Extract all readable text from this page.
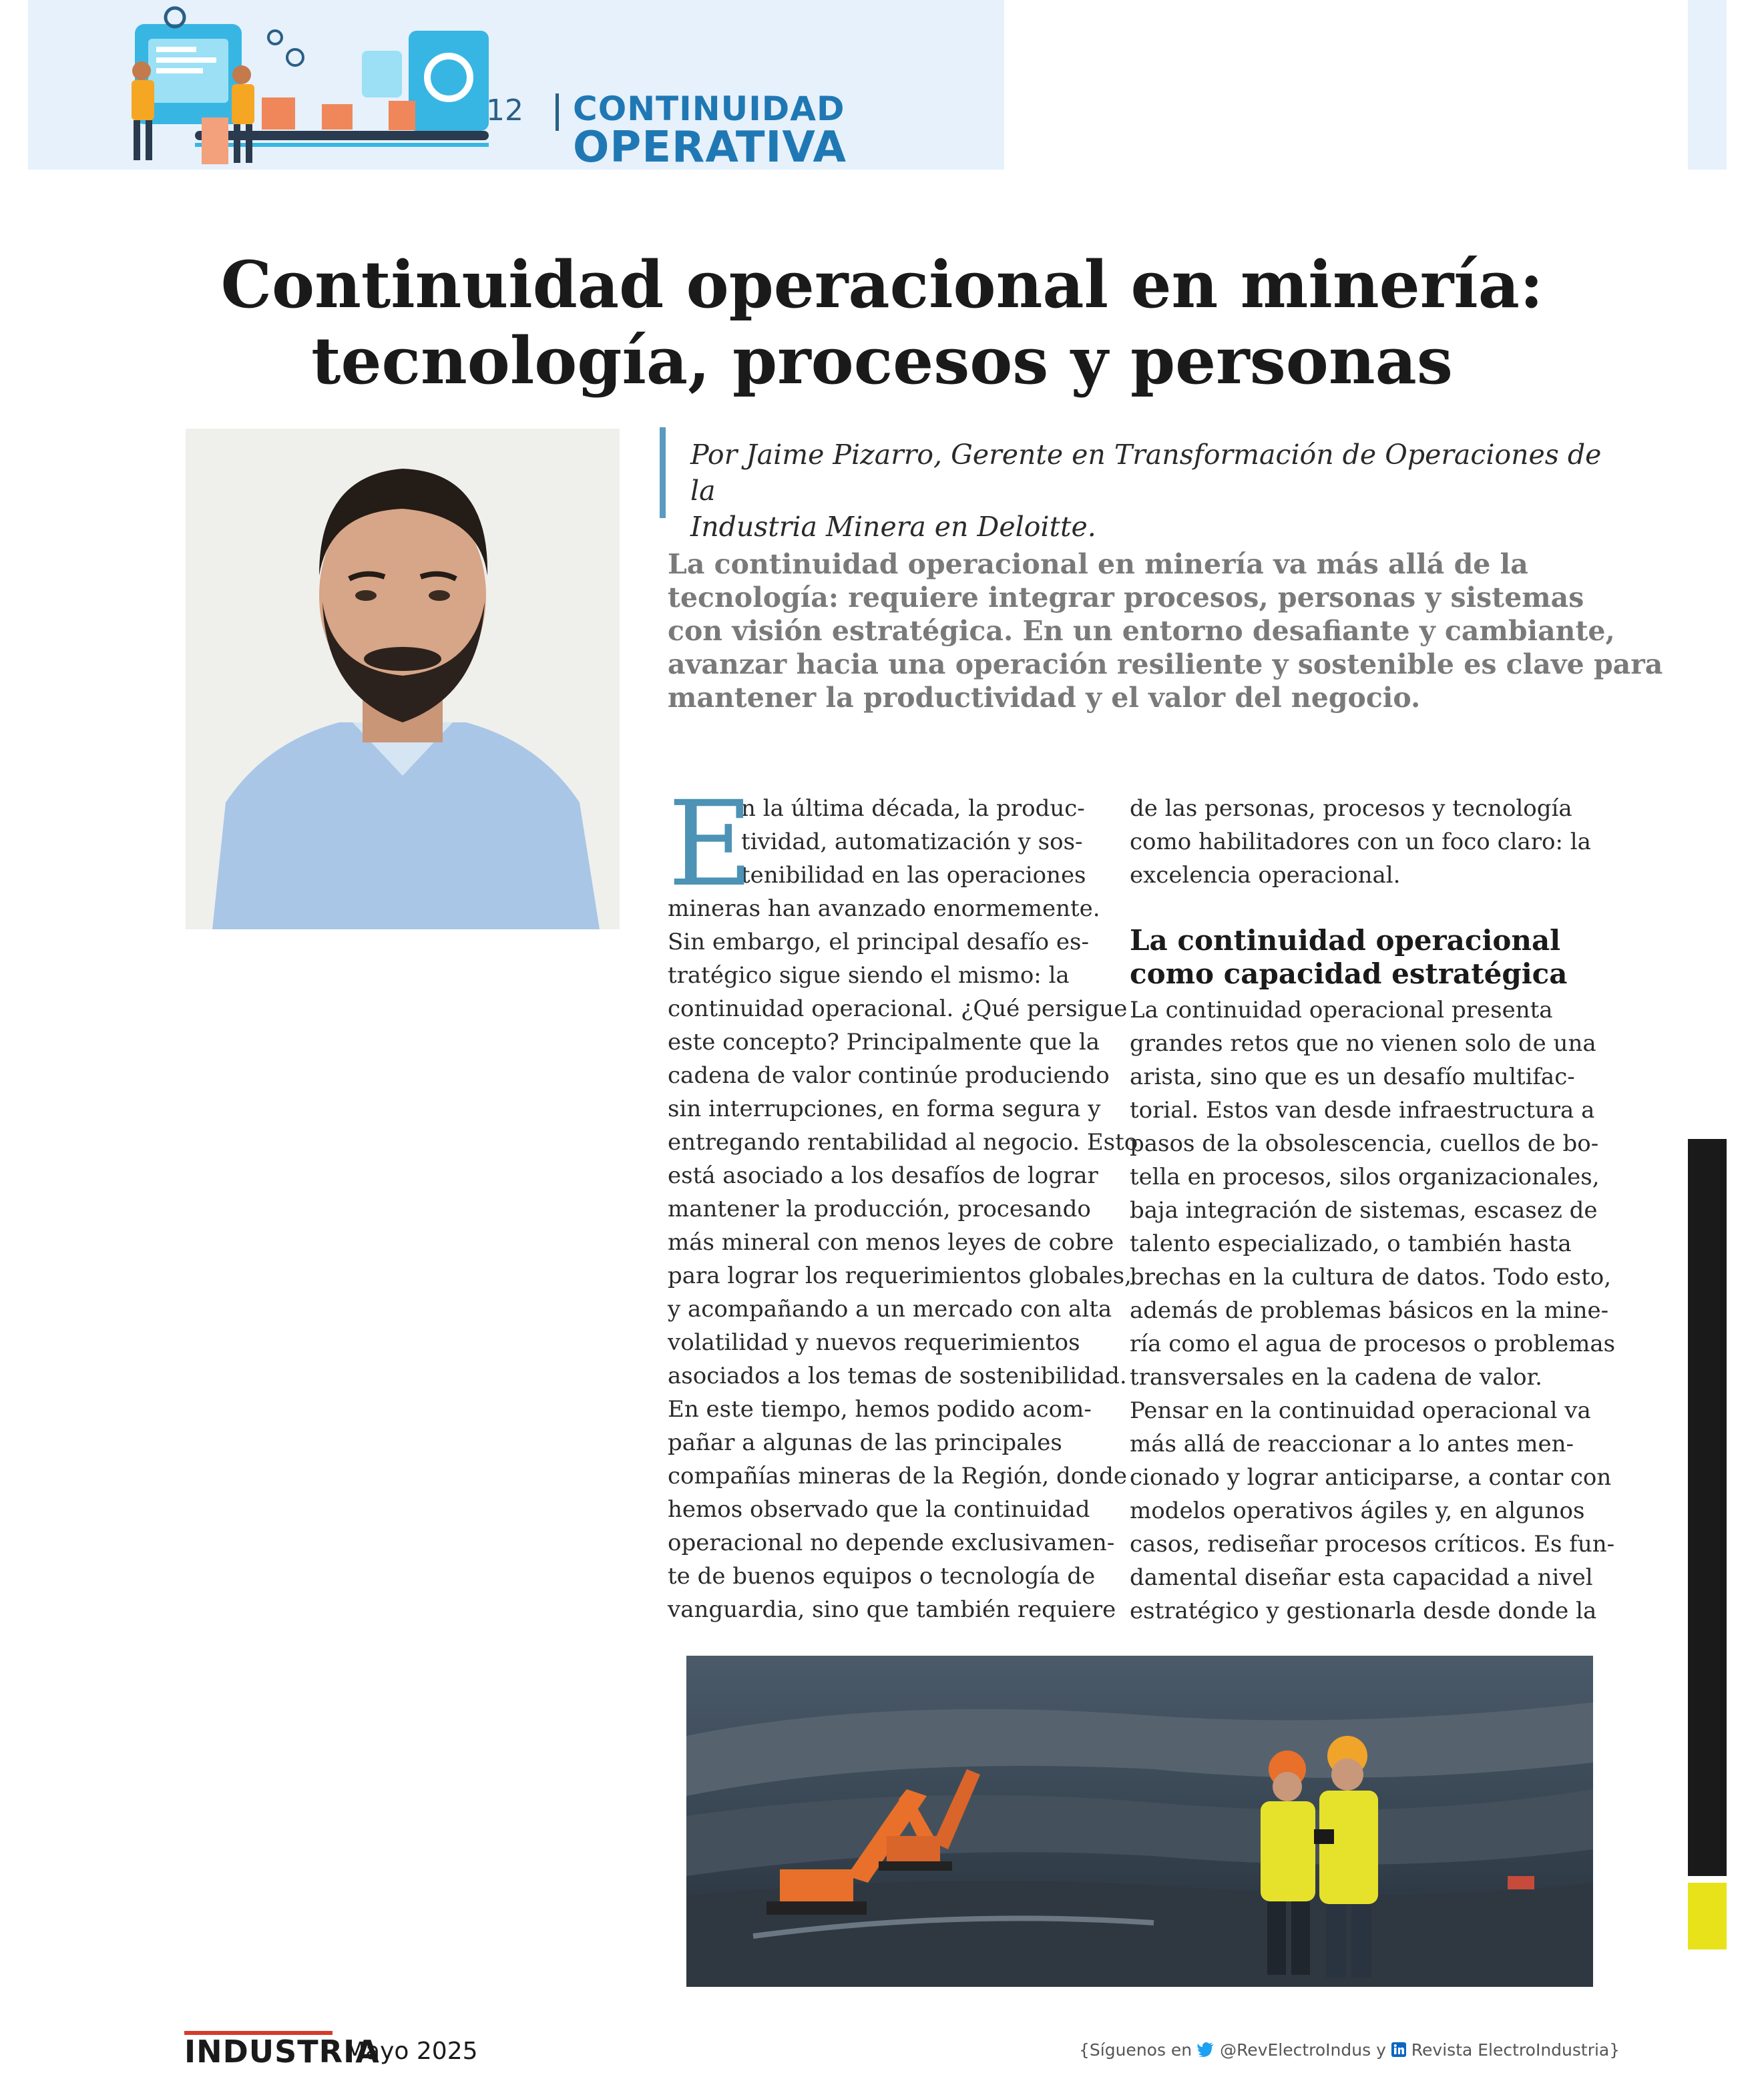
12 CONTINUIDAD
OPERATIVA
Continuidad operacional en minería:
tecnología, procesos y personas
Por Jaime Pizarro, Gerente en Transformación de Operaciones de la
Industria Minera en Deloitte.
La continuidad operacional en minería va más allá de la
tecnología: requiere integrar procesos, personas y sistemas
con visión estratégica. En un entorno desafiante y cambiante,
avanzar hacia una operación resiliente y sostenible es clave para
mantener la productividad y el valor del negocio.
E
n la última década, la produc-
tividad, automatización y sos-
tenibilidad en las operaciones
mineras han avanzado enormemente.
Sin embargo, el principal desafío es-
tratégico sigue siendo el mismo: la
continuidad operacional. ¿Qué persigue
este concepto? Principalmente que la
cadena de valor continúe produciendo
sin interrupciones, en forma segura y
entregando rentabilidad al negocio. Esto
está asociado a los desafíos de lograr
mantener la producción, procesando
más mineral con menos leyes de cobre
para lograr los requerimientos globales,
y acompañando a un mercado con alta
volatilidad y nuevos requerimientos
asociados a los temas de sostenibilidad.
En este tiempo, hemos podido acom-
pañar a algunas de las principales
compañías mineras de la Región, donde
hemos observado que la continuidad
operacional no depende exclusivamen-
te de buenos equipos o tecnología de
vanguardia, sino que también requiere
de las personas, procesos y tecnología
como habilitadores con un foco claro: la
excelencia operacional.
La continuidad operacional
como capacidad estratégica
La continuidad operacional presenta
grandes retos que no vienen solo de una
arista, sino que es un desafío multifac-
torial. Estos van desde infraestructura a
pasos de la obsolescencia, cuellos de bo-
tella en procesos, silos organizacionales,
baja integración de sistemas, escasez de
talento especializado, o también hasta
brechas en la cultura de datos. Todo esto,
además de problemas básicos en la mine-
ría como el agua de procesos o problemas
transversales en la cadena de valor.
Pensar en la continuidad operacional va
más allá de reaccionar a lo antes men-
cionado y lograr anticiparse, a contar con
modelos operativos ágiles y, en algunos
casos, rediseñar procesos críticos. Es fun-
damental diseñar esta capacidad a nivel
estratégico y gestionarla desde donde la
INDUSTRIA
Mayo 2025	{Síguenos en @RevElectroIndus y Revista ElectroIndustria}
